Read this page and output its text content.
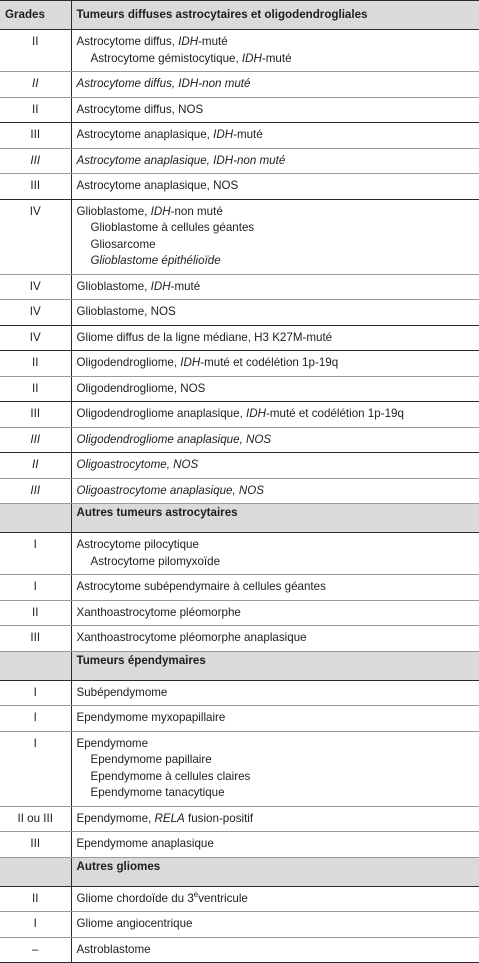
Grades	Tumeurs diffuses astrocytaires et oligodendrogliales
II	Astrocytome diffus, IDH-muté
Astrocytome gémistocytique, IDH-muté

II	Astrocytome diffus, IDH-non muté
II	Astrocytome diffus, NOS
III	Astrocytome anaplasique, IDH-muté
III	Astrocytome anaplasique, IDH-non muté
III	Astrocytome anaplasique, NOS
IV	Glioblastome, IDH-non muté
Glioblastome à cellules géantes
Gliosarcome
Glioblastome épithélioïde

IV	Glioblastome, IDH-muté
IV	Glioblastome, NOS
IV	Gliome diffus de la ligne médiane, H3 K27M-muté
II	Oligodendrogliome, IDH-muté et codélétion 1p-19q
II	Oligodendrogliome, NOS
III	Oligodendrogliome anaplasique, IDH-muté et codélétion 1p-19q
III	Oligodendrogliome anaplasique, NOS
II	Oligoastrocytome, NOS
III	Oligoastrocytome anaplasique, NOS
	Autres tumeurs astrocytaires
I	Astrocytome pilocytique
Astrocytome pilomyxoïde

I	Astrocytome subépendymaire à cellules géantes
II	Xanthoastrocytome pléomorphe
III	Xanthoastrocytome pléomorphe anaplasique
	Tumeurs épendymaires
I	Subépendymome
I	Ependymome myxopapillaire
I	Ependymome
Ependymome papillaire
Ependymome à cellules claires
Ependymome tanacytique

II ou III	Ependymome, RELA fusion-positif
III	Ependymome anaplasique
	Autres gliomes
II	Gliome chordoïde du 3eventricule
I	Gliome angiocentrique
–	Astroblastome
